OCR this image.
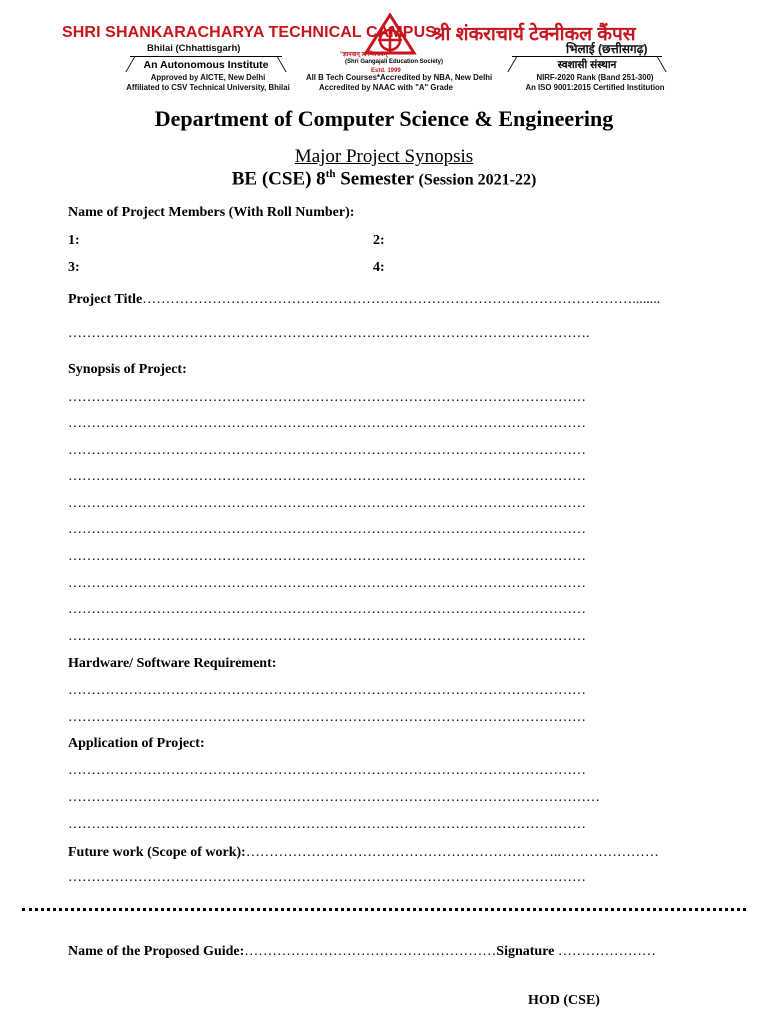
SHRI SHANKARACHARYA TECHNICAL CAMPUS
श्री शंकराचार्य टेक्नीकल कैंपस
Bhilai (Chhattisgarh)	भिलाई (छत्तीसगढ़)
An Autonomous Institute	स्वशासी संस्थान
Approved by AICTE, New Delhi
Affiliated to CSV Technical University, Bhilai
All B Tech Courses*Accredited by NBA, New Delhi
Accredited by NAAC with "A" Grade
NIRF-2020 Rank (Band 251-300)
An ISO 9001:2015 Certified Institution
"ज्ञानवान् त्व भिश्चयम्"
(Shri Gangajali Education Society)
Estd. 1999
Department of Computer Science & Engineering
Major Project Synopsis
BE (CSE) 8th Semester (Session 2021-22)
Name of Project Members (With Roll Number):
1:	2:
3:	4:
Project Title……………………………………………………………………………………………........
………………………………………………………………………………………………….
Synopsis of Project:
…………………………………………………………………………………………………
…………………………………………………………………………………………………
…………………………………………………………………………………………………
…………………………………………………………………………………………………
…………………………………………………………………………………………………
…………………………………………………………………………………………………
…………………………………………………………………………………………………
…………………………………………………………………………………………………
…………………………………………………………………………………………………
…………………………………………………………………………………………………
Hardware/ Software Requirement:
…………………………………………………………………………………………………
…………………………………………………………………………………………………
Application of Project:
…………………………………………………………………………………………………
……………………………………………………………………………………………………
…………………………………………………………………………………………………
Future work (Scope of work):…………………………………………………………..…………………
…………………………………………………………………………………………………
Name of the Proposed Guide:………………………………………………Signature …………………
HOD (CSE)
